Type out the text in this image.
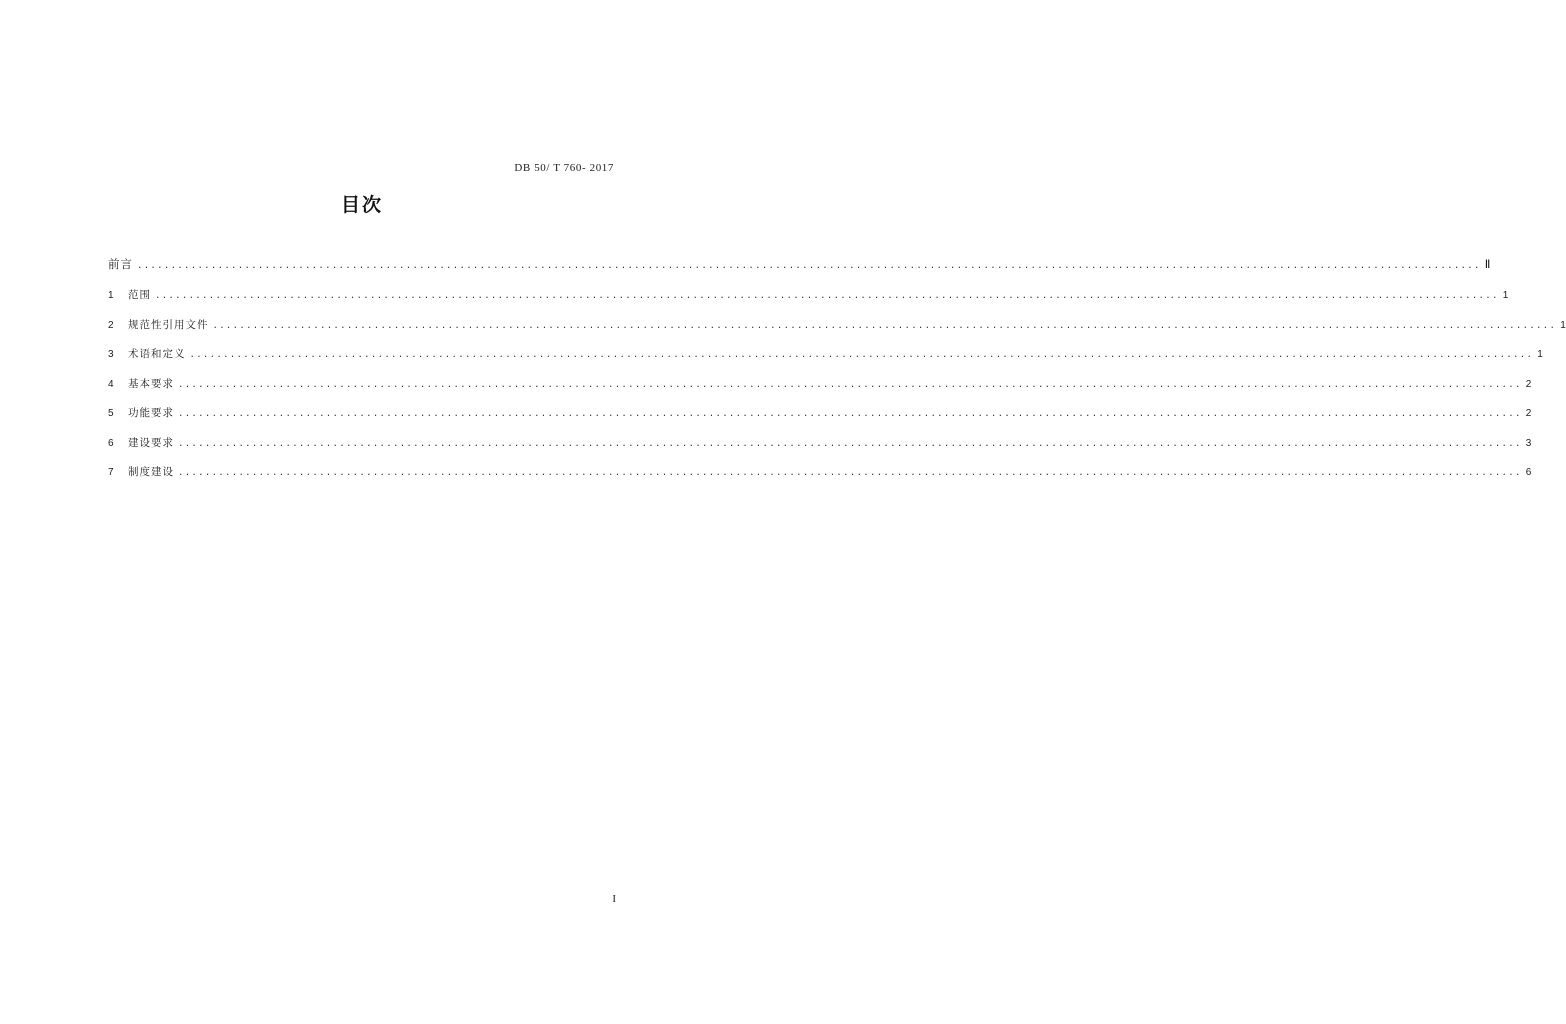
DB 50/ T 760- 2017
目次
前言 ........................................................................................................................................................................................................ Ⅱ
1	范围 ........................................................................................................................................................................................................ 1
2	规范性引用文件 ........................................................................................................................................................................................................ 1
3	术语和定义 ........................................................................................................................................................................................................ 1
4	基本要求 ........................................................................................................................................................................................................ 2
5	功能要求 ........................................................................................................................................................................................................ 2
6	建设要求 ........................................................................................................................................................................................................ 3
7	制度建设 ........................................................................................................................................................................................................ 6
I
